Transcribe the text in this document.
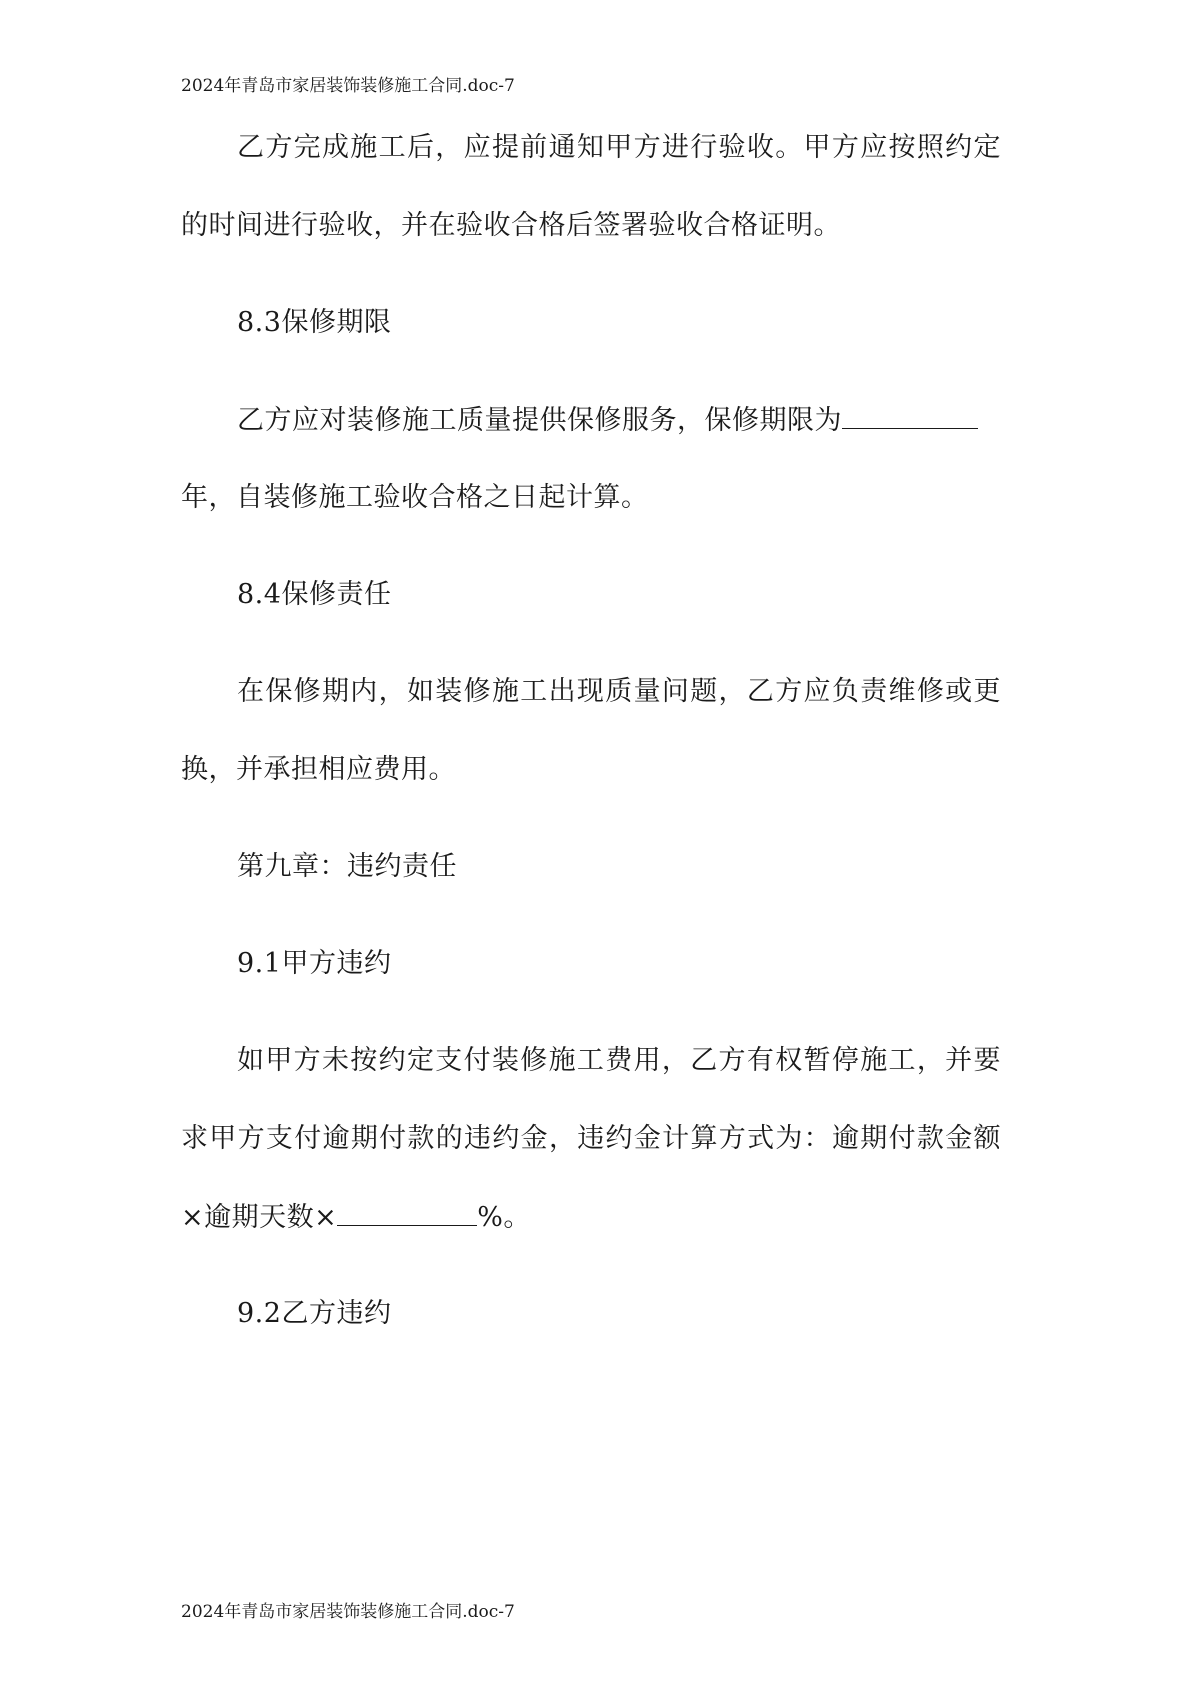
2024年青岛市家居装饰装修施工合同.doc-7
乙方完成施工后，应提前通知甲方进行验收。甲方应按照约定
的时间进行验收，并在验收合格后签署验收合格证明。
8.3保修期限
乙方应对装修施工质量提供保修服务，保修期限为
年，自装修施工验收合格之日起计算。
8.4保修责任
在保修期内，如装修施工出现质量问题，乙方应负责维修或更
换，并承担相应费用。
第九章：违约责任
9.1甲方违约
如甲方未按约定支付装修施工费用，乙方有权暂停施工，并要
求甲方支付逾期付款的违约金，违约金计算方式为：逾期付款金额
×逾期天数×	%。
9.2乙方违约
2024年青岛市家居装饰装修施工合同.doc-7
